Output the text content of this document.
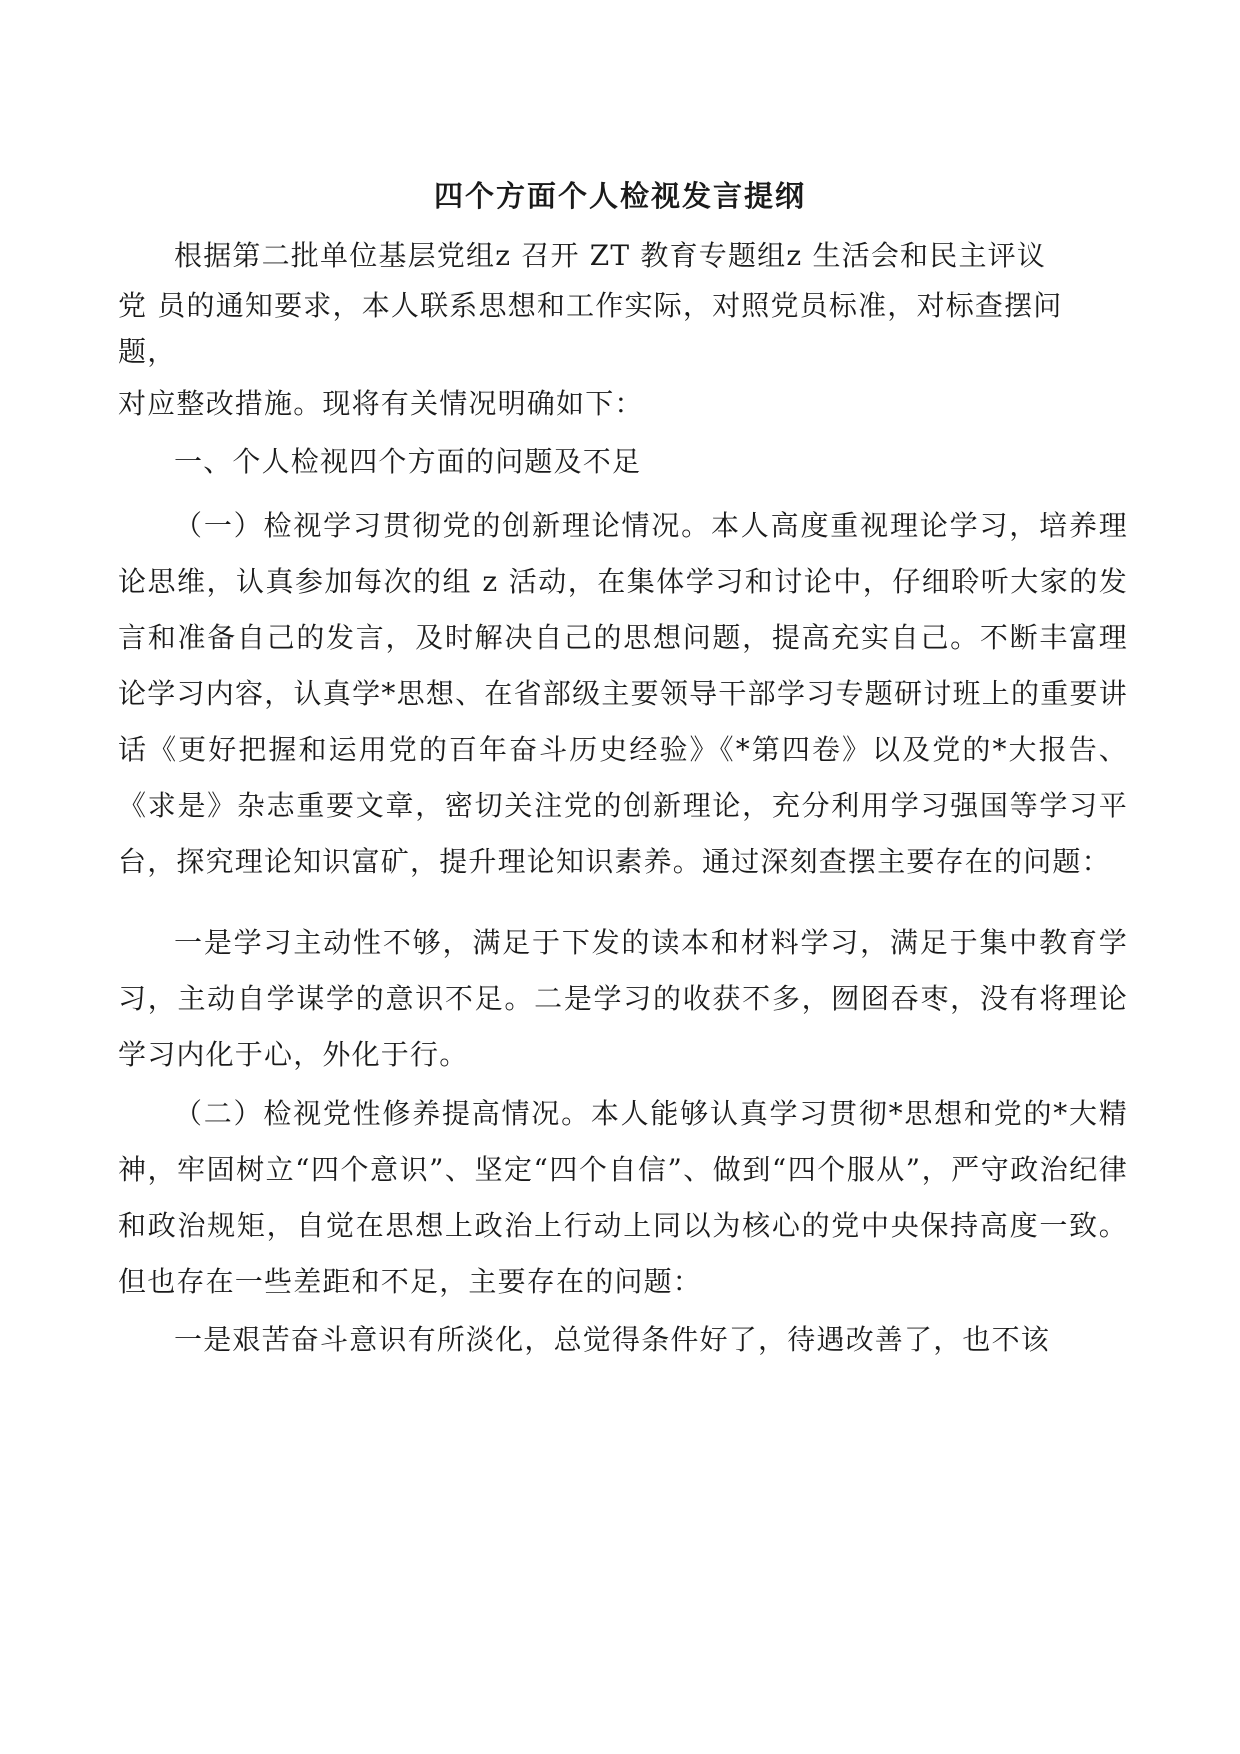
四个方面个人检视发言提纲
根据第二批单位基层党组z 召开 ZT 教育专题组z 生活会和民主评议
党 员的通知要求，本人联系思想和工作实际，对照党员标准，对标查摆问
题，
对应整改措施。现将有关情况明确如下：
一、个人检视四个方面的问题及不足
（一）检视学习贯彻党的创新理论情况。本人高度重视理论学习，培养理论思维，认真参加每次的组 z 活动，在集体学习和讨论中，仔细聆听大家的发言和准备自己的发言，及时解决自己的思想问题，提高充实自己。不断丰富理论学习内容，认真学*思想、在省部级主要领导干部学习专题研讨班上的重要讲话《更好把握和运用党的百年奋斗历史经验》《*第四卷》以及党的*大报告、《求是》杂志重要文章，密切关注党的创新理论，充分利用学习强国等学习平台，探究理论知识富矿，提升理论知识素养。通过深刻查摆主要存在的问题：
一是学习主动性不够，满足于下发的读本和材料学习，满足于集中教育学习，主动自学谋学的意识不足。二是学习的收获不多，囫囵吞枣，没有将理论学习内化于心，外化于行。
（二）检视党性修养提高情况。本人能够认真学习贯彻*思想和党的*大精神，牢固树立“四个意识”、坚定“四个自信”、做到“四个服从”，严守政治纪律和政治规矩，自觉在思想上政治上行动上同以为核心的党中央保持高度一致。但也存在一些差距和不足，主要存在的问题：
一是艰苦奋斗意识有所淡化，总觉得条件好了，待遇改善了，也不该
